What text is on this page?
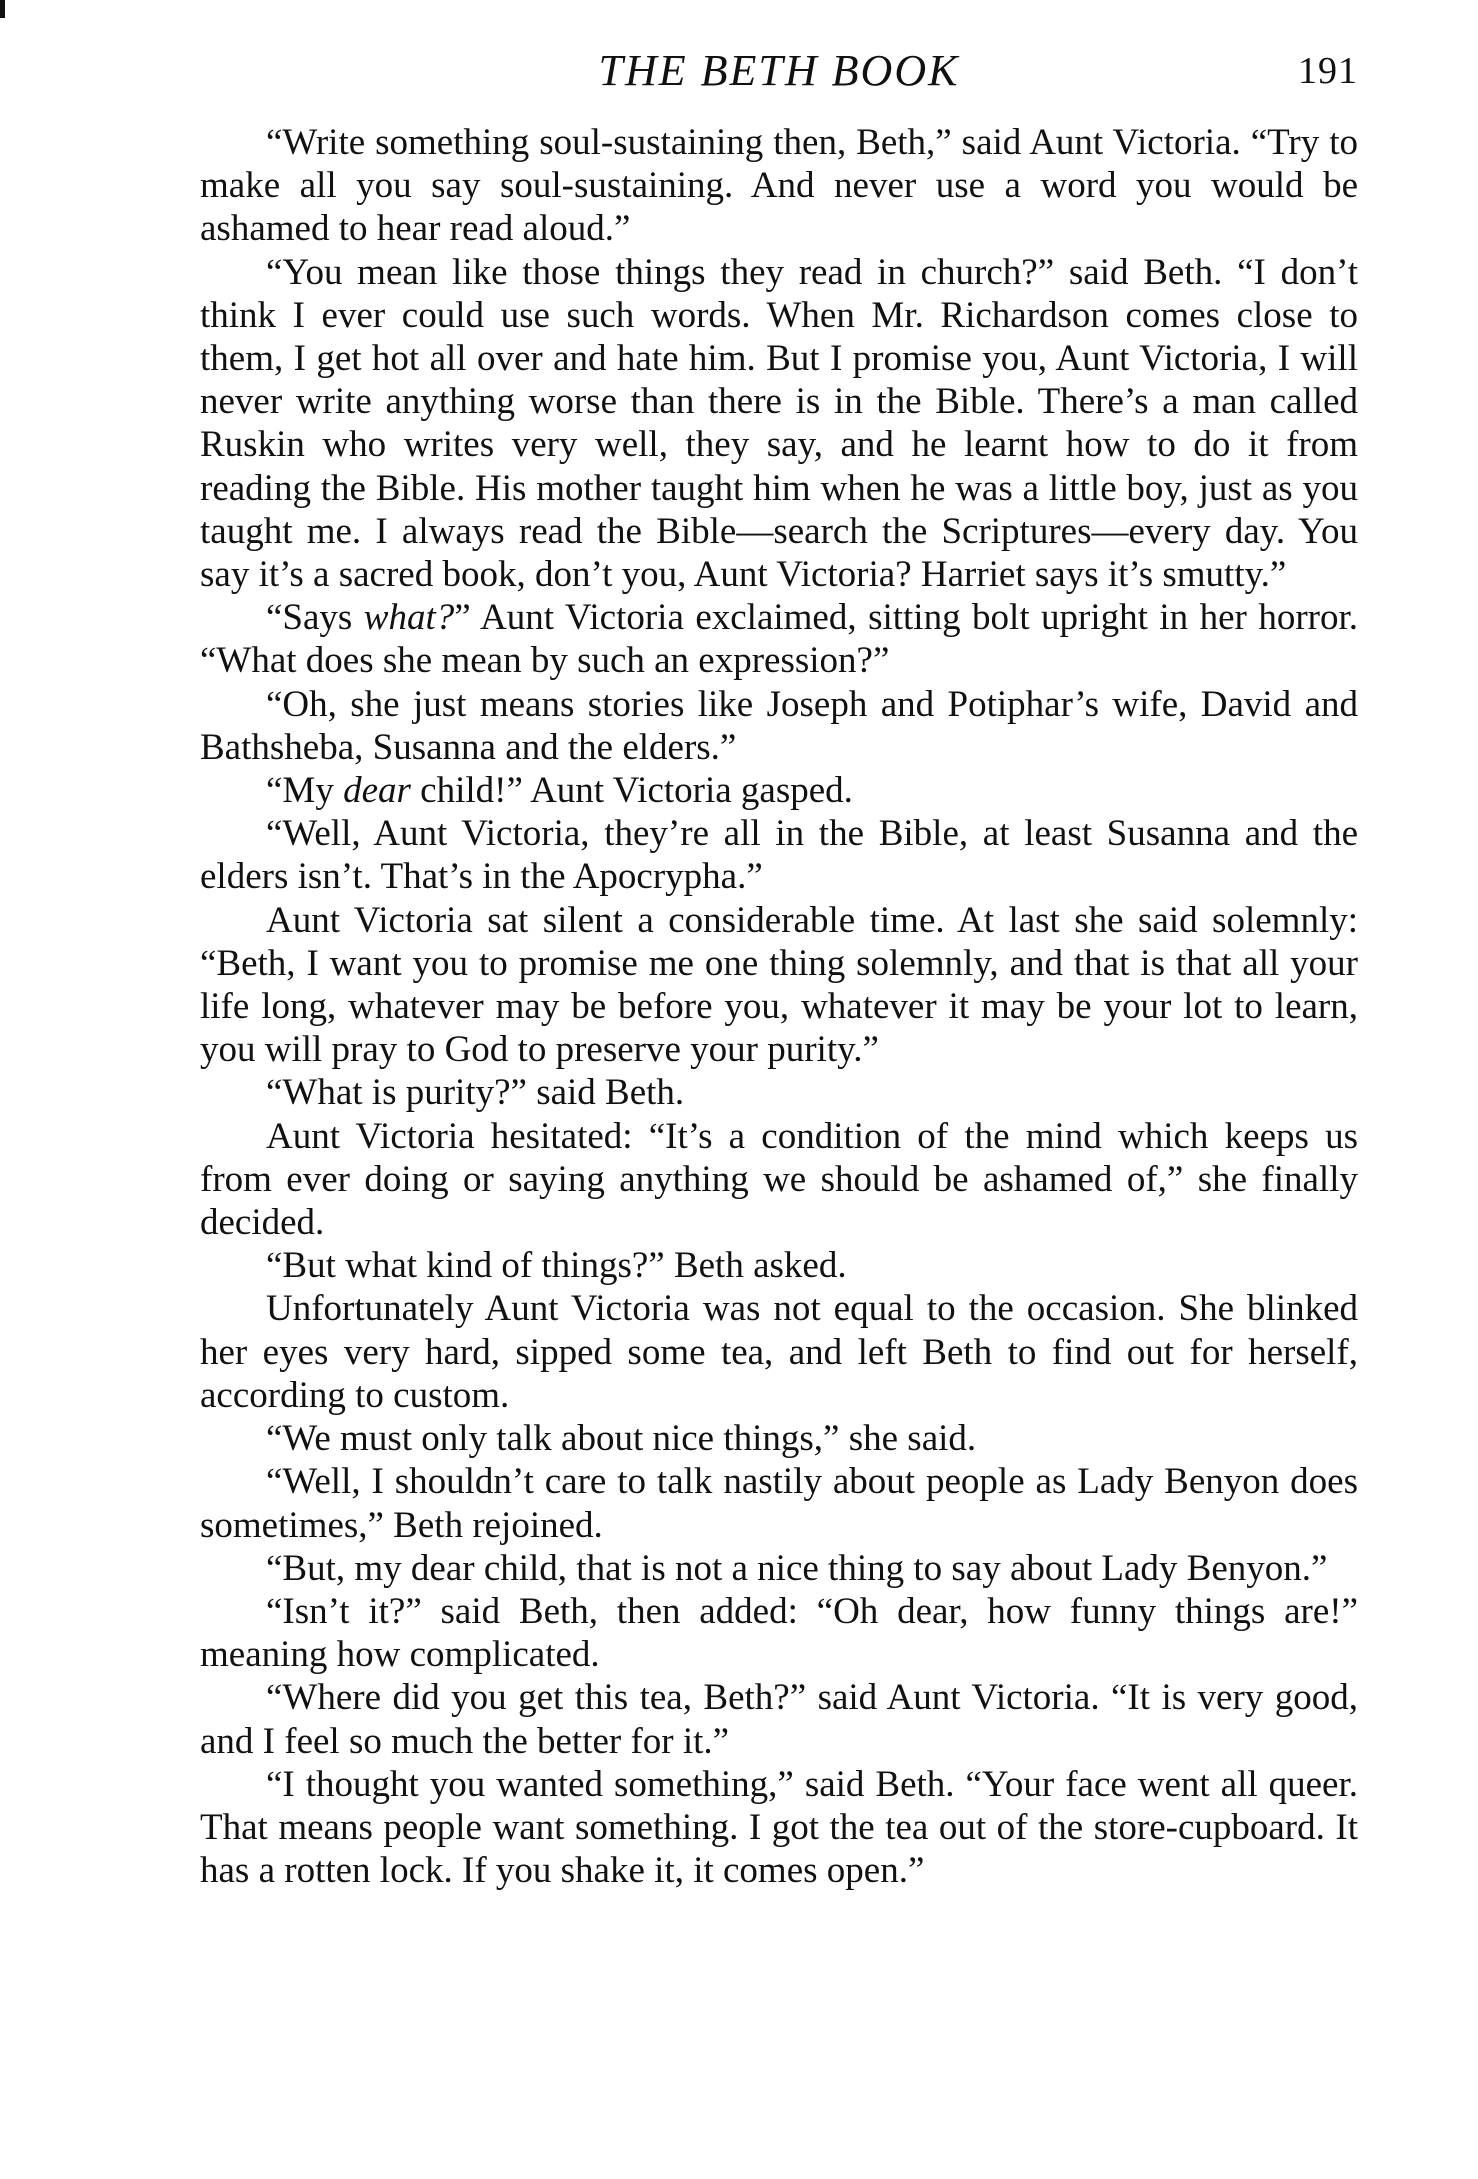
THE BETH BOOK	191

“Write something soul-sustaining then, Beth,” said Aunt Victoria. “Try to make all you say soul-sustaining. And never use a word you would be ashamed to hear read aloud.”

“You mean like those things they read in church?” said Beth. “I don’t think I ever could use such words. When Mr. Richardson comes close to them, I get hot all over and hate him. But I promise you, Aunt Victoria, I will never write anything worse than there is in the Bible. There’s a man called Ruskin who writes very well, they say, and he learnt how to do it from reading the Bible. His mother taught him when he was a little boy, just as you taught me. I always read the Bible—search the Scriptures—every day. You say it’s a sacred book, don’t you, Aunt Victoria? Harriet says it’s smutty.”

“Says what?” Aunt Victoria exclaimed, sitting bolt upright in her horror. “What does she mean by such an expression?”

“Oh, she just means stories like Joseph and Potiphar’s wife, David and Bathsheba, Susanna and the elders.”

“My dear child!” Aunt Victoria gasped.

“Well, Aunt Victoria, they’re all in the Bible, at least Susanna and the elders isn’t. That’s in the Apocrypha.”

Aunt Victoria sat silent a considerable time. At last she said solemnly: “Beth, I want you to promise me one thing solemnly, and that is that all your life long, whatever may be before you, whatever it may be your lot to learn, you will pray to God to preserve your purity.”

“What is purity?” said Beth.

Aunt Victoria hesitated: “It’s a condition of the mind which keeps us from ever doing or saying anything we should be ashamed of,” she finally decided.

“But what kind of things?” Beth asked.

Unfortunately Aunt Victoria was not equal to the occasion. She blinked her eyes very hard, sipped some tea, and left Beth to find out for herself, according to custom.

“We must only talk about nice things,” she said.

“Well, I shouldn’t care to talk nastily about people as Lady Benyon does sometimes,” Beth rejoined.

“But, my dear child, that is not a nice thing to say about Lady Benyon.”

“Isn’t it?” said Beth, then added: “Oh dear, how funny things are!” meaning how complicated.

“Where did you get this tea, Beth?” said Aunt Victoria. “It is very good, and I feel so much the better for it.”

“I thought you wanted something,” said Beth. “Your face went all queer. That means people want something. I got the tea out of the store-cupboard. It has a rotten lock. If you shake it, it comes open.”
